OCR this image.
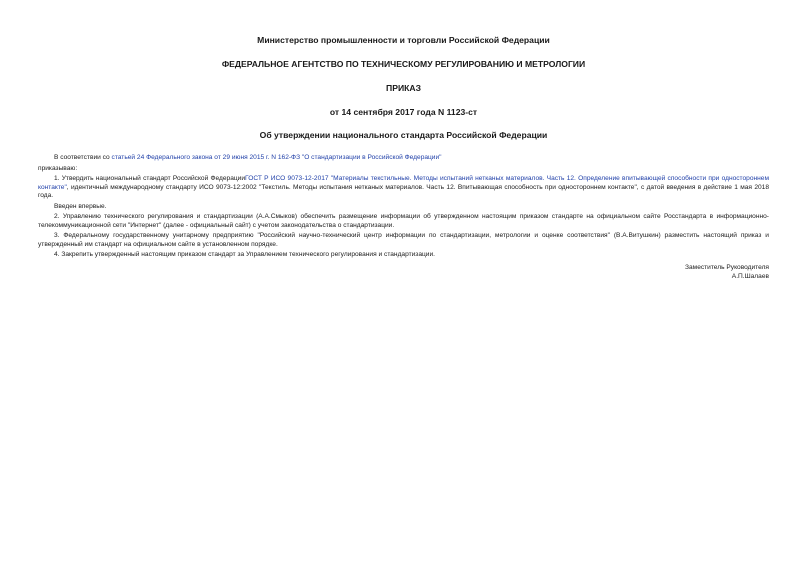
Министерство промышленности и торговли Российской Федерации

ФЕДЕРАЛЬНОЕ АГЕНТСТВО ПО ТЕХНИЧЕСКОМУ РЕГУЛИРОВАНИЮ И МЕТРОЛОГИИ

ПРИКАЗ

от 14 сентября 2017 года N 1123-ст

Об утверждении национального стандарта Российской Федерации

В соответствии со статьей 24 Федерального закона от 29 июня 2015 г. N 162-ФЗ "О стандартизации в Российской Федерации"

приказываю:

1. Утвердить национальный стандарт Российской ФедерацииГОСТ Р ИСО 9073-12-2017 "Материалы текстильные. Методы испытаний нетканых материалов. Часть 12. Определение впитывающей способности при одностороннем контакте", идентичный международному стандарту ИСО 9073-12:2002 "Текстиль. Методы испытания нетканых материалов. Часть 12. Впитывающая способность при одностороннем контакте", с датой введения в действие 1 мая 2018 года.

Введен впервые.

2. Управлению технического регулирования и стандартизации (А.А.Смыков) обеспечить размещение информации об утвержденном настоящим приказом стандарте на официальном сайте Росстандарта в информационно-телекоммуникационной сети "Интернет" (далее - официальный сайт) с учетом законодательства о стандартизации.

3. Федеральному государственному унитарному предприятию "Российский научно-технический центр информации по стандартизации, метрологии и оценке соответствия" (В.А.Витушкин) разместить настоящий приказ и утвержденный им стандарт на официальном сайте в установленном порядке.

4. Закрепить утвержденный настоящим приказом стандарт за Управлением технического регулирования и стандартизации.

Заместитель Руководителя
А.П.Шалаев
